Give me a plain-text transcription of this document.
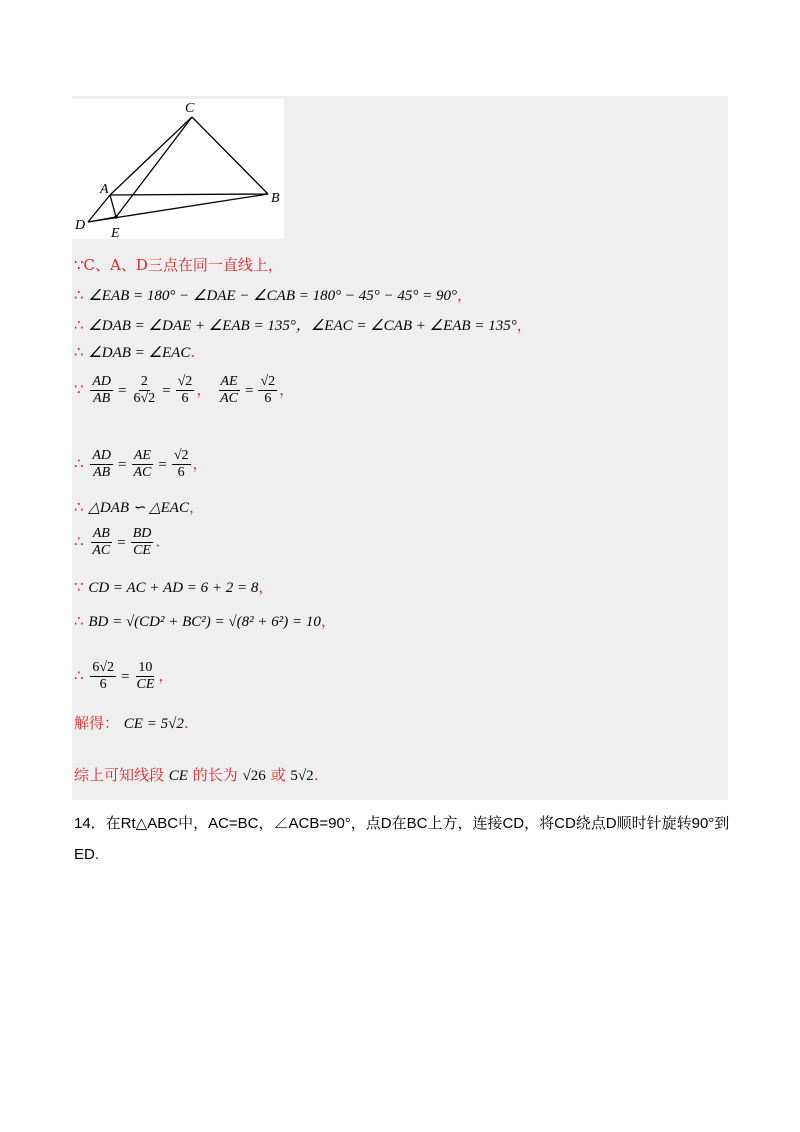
C
A
B
D
E
∵C、A、D三点在同一直线上，
∴ ∠EAB = 180° − ∠DAE − ∠CAB = 180° − 45° − 45° = 90°，
∴ ∠DAB = ∠DAE + ∠EAB = 135°，∠EAC = ∠CAB + ∠EAB = 135°，
∴ ∠DAB = ∠EAC.
∵ $\frac{AD}{AB} = \frac{2}{6√2} = \frac{√2}{6}$ ， $\frac{AE}{AC} = \frac{√2}{6}$ ，
∴ $\frac{AD}{AB} = \frac{AE}{AC} = \frac{√2}{6}$ ，
∴ △DAB ∽ △EAC，
∴ $\frac{AB}{AC} = \frac{BD}{CE}$ .
∵ CD = AC + AD = 6 + 2 = 8，
∴ BD = √(CD² + BC²) = √(8² + 6²) = 10，
∴ $\frac{6√2}{6} = \frac{10}{CE}$ ，
解得： CE = 5√2.
综上可知线段 CE 的长为 √26 或 5√2.
14．在Rt△ABC中，AC=BC，∠ACB=90°，点D在BC上方，连接CD，将CD绕点D顺时针旋转90°到
ED.
